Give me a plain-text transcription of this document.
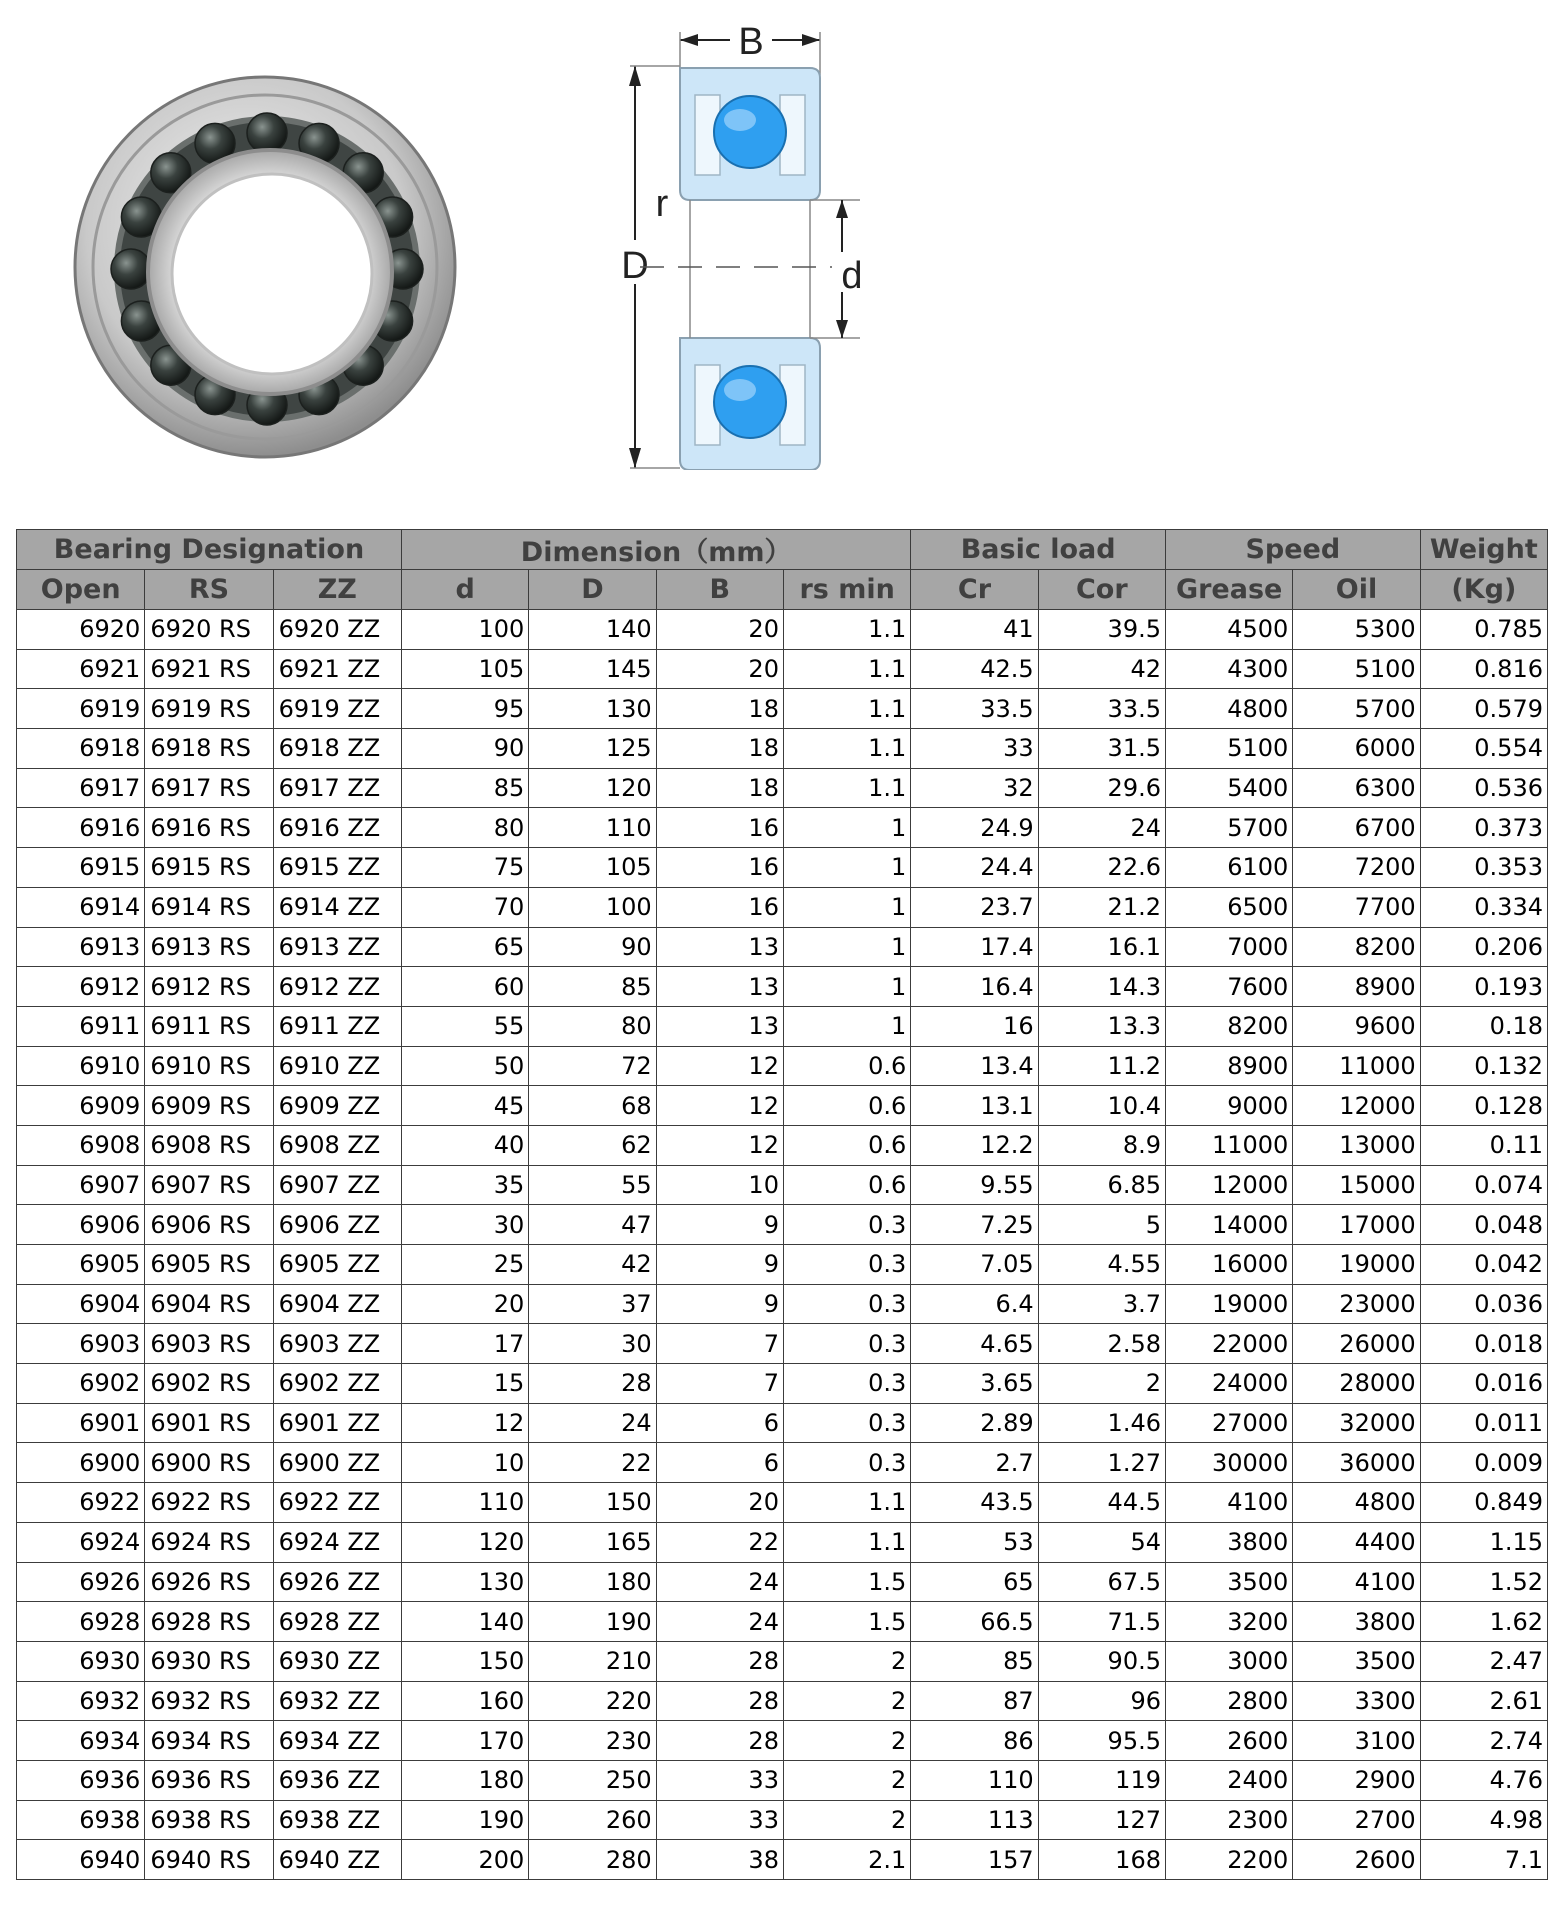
B
D
r
d
Bearing Designation			Dimension（mm）				Basic load		Speed		Weight
Open	RS	ZZ	d	D	B	rs min	Cr	Cor	Grease	Oil	(Kg)
6920	6920 RS	6920 ZZ	100	140	20	1.1	41	39.5	4500	5300	0.785
6921	6921 RS	6921 ZZ	105	145	20	1.1	42.5	42	4300	5100	0.816
6919	6919 RS	6919 ZZ	95	130	18	1.1	33.5	33.5	4800	5700	0.579
6918	6918 RS	6918 ZZ	90	125	18	1.1	33	31.5	5100	6000	0.554
6917	6917 RS	6917 ZZ	85	120	18	1.1	32	29.6	5400	6300	0.536
6916	6916 RS	6916 ZZ	80	110	16	1	24.9	24	5700	6700	0.373
6915	6915 RS	6915 ZZ	75	105	16	1	24.4	22.6	6100	7200	0.353
6914	6914 RS	6914 ZZ	70	100	16	1	23.7	21.2	6500	7700	0.334
6913	6913 RS	6913 ZZ	65	90	13	1	17.4	16.1	7000	8200	0.206
6912	6912 RS	6912 ZZ	60	85	13	1	16.4	14.3	7600	8900	0.193
6911	6911 RS	6911 ZZ	55	80	13	1	16	13.3	8200	9600	0.18
6910	6910 RS	6910 ZZ	50	72	12	0.6	13.4	11.2	8900	11000	0.132
6909	6909 RS	6909 ZZ	45	68	12	0.6	13.1	10.4	9000	12000	0.128
6908	6908 RS	6908 ZZ	40	62	12	0.6	12.2	8.9	11000	13000	0.11
6907	6907 RS	6907 ZZ	35	55	10	0.6	9.55	6.85	12000	15000	0.074
6906	6906 RS	6906 ZZ	30	47	9	0.3	7.25	5	14000	17000	0.048
6905	6905 RS	6905 ZZ	25	42	9	0.3	7.05	4.55	16000	19000	0.042
6904	6904 RS	6904 ZZ	20	37	9	0.3	6.4	3.7	19000	23000	0.036
6903	6903 RS	6903 ZZ	17	30	7	0.3	4.65	2.58	22000	26000	0.018
6902	6902 RS	6902 ZZ	15	28	7	0.3	3.65	2	24000	28000	0.016
6901	6901 RS	6901 ZZ	12	24	6	0.3	2.89	1.46	27000	32000	0.011
6900	6900 RS	6900 ZZ	10	22	6	0.3	2.7	1.27	30000	36000	0.009
6922	6922 RS	6922 ZZ	110	150	20	1.1	43.5	44.5	4100	4800	0.849
6924	6924 RS	6924 ZZ	120	165	22	1.1	53	54	3800	4400	1.15
6926	6926 RS	6926 ZZ	130	180	24	1.5	65	67.5	3500	4100	1.52
6928	6928 RS	6928 ZZ	140	190	24	1.5	66.5	71.5	3200	3800	1.62
6930	6930 RS	6930 ZZ	150	210	28	2	85	90.5	3000	3500	2.47
6932	6932 RS	6932 ZZ	160	220	28	2	87	96	2800	3300	2.61
6934	6934 RS	6934 ZZ	170	230	28	2	86	95.5	2600	3100	2.74
6936	6936 RS	6936 ZZ	180	250	33	2	110	119	2400	2900	4.76
6938	6938 RS	6938 ZZ	190	260	33	2	113	127	2300	2700	4.98
6940	6940 RS	6940 ZZ	200	280	38	2.1	157	168	2200	2600	7.1
